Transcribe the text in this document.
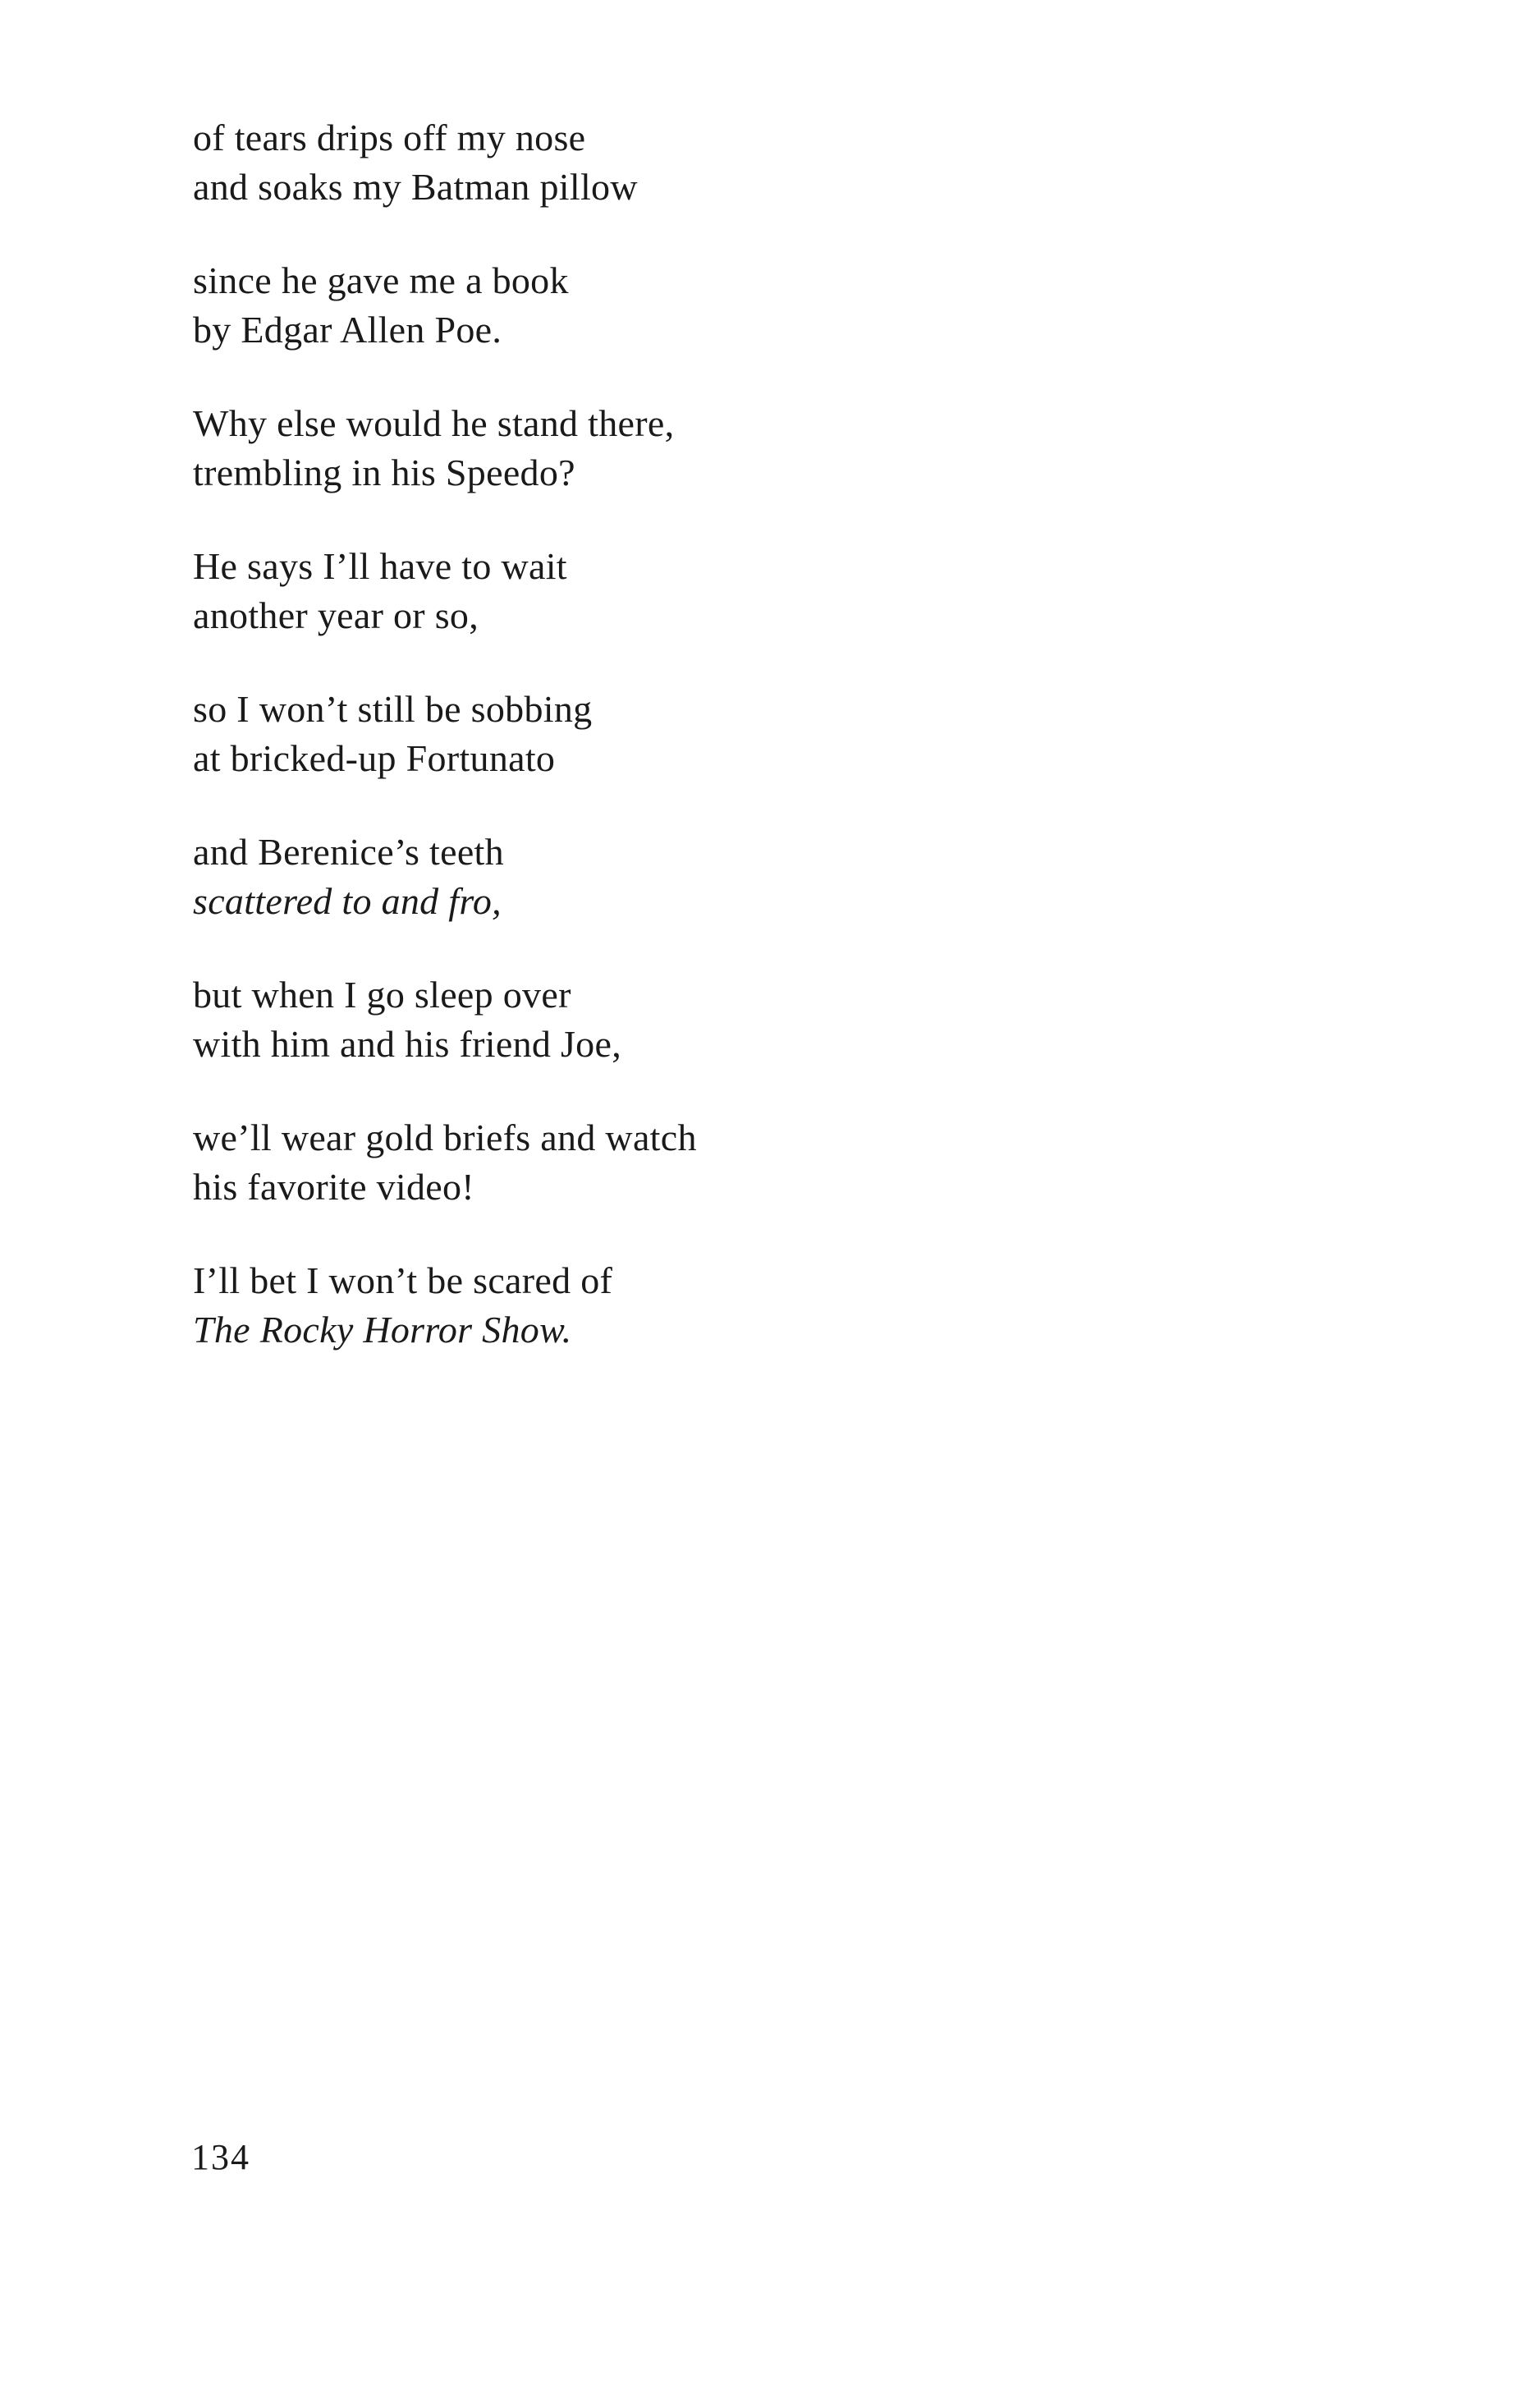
of tears drips off my nose
and soaks my Batman pillow
since he gave me a book
by Edgar Allen Poe.
Why else would he stand there,
trembling in his Speedo?
He says I’ll have to wait
another year or so,
so I won’t still be sobbing
at bricked-up Fortunato
and Berenice’s teeth
scattered to and fro,
but when I go sleep over
with him and his friend Joe,
we’ll wear gold briefs and watch
his favorite video!
I’ll bet I won’t be scared of
The Rocky Horror Show.
134
